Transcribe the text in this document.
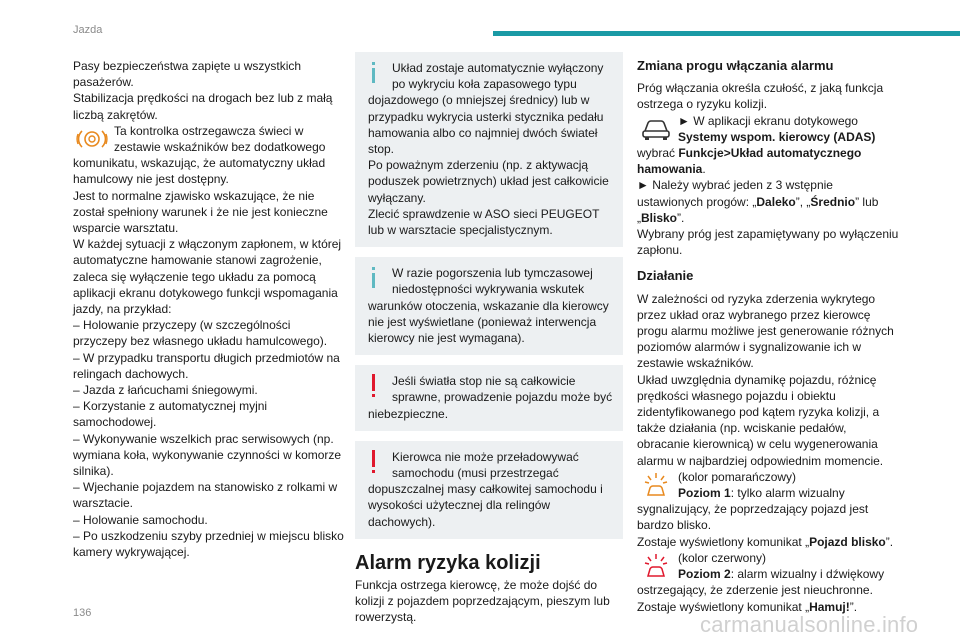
Jazda

Pasy bezpieczeństwa zapięte u wszystkich pasażerów.

Stabilizacja prędkości na drogach bez lub z małą liczbą zakrętów.

Ta kontrolka ostrzegawcza świeci w zestawie wskaźników bez dodatkowego komunikatu, wskazując, że automatyczny układ hamulcowy nie jest dostępny.

Jest to normalne zjawisko wskazujące, że nie został spełniony warunek i że nie jest konieczne wsparcie warsztatu.

W każdej sytuacji z włączonym zapłonem, w której automatyczne hamowanie stanowi zagrożenie, zaleca się wyłączenie tego układu za pomocą aplikacji ekranu dotykowego funkcji wspomagania jazdy, na przykład:

– Holowanie przyczepy (w szczególności przyczepy bez własnego układu hamulcowego).

– W przypadku transportu długich przedmiotów na relingach dachowych.

– Jazda z łańcuchami śniegowymi.

– Korzystanie z automatycznej myjni samochodowej.

– Wykonywanie wszelkich prac serwisowych (np. wymiana koła, wykonywanie czynności w komorze silnika).

– Wjechanie pojazdem na stanowisko z rolkami w warsztacie.

– Holowanie samochodu.

– Po uszkodzeniu szyby przedniej w miejscu blisko kamery wykrywającej.

Układ zostaje automatycznie wyłączony po wykryciu koła zapasowego typu dojazdowego (o mniejszej średnicy) lub w przypadku wykrycia usterki stycznika pedału hamowania albo co najmniej dwóch świateł stop.

Po poważnym zderzeniu (np. z aktywacją poduszek powietrznych) układ jest całkowicie wyłączany.

Zlecić sprawdzenie w ASO sieci PEUGEOT lub w warsztacie specjalistycznym.

W razie pogorszenia lub tymczasowej niedostępności wykrywania wskutek warunków otoczenia, wskazanie dla kierowcy nie jest wyświetlane (ponieważ interwencja kierowcy nie jest wymagana).

Jeśli światła stop nie są całkowicie sprawne, prowadzenie pojazdu może być niebezpieczne.

Kierowca nie może przeładowywać samochodu (musi przestrzegać dopuszczalnej masy całkowitej samochodu i wysokości użytecznej dla relingów dachowych).

Alarm ryzyka kolizji

Funkcja ostrzega kierowcę, że może dojść do kolizji z pojazdem poprzedzającym, pieszym lub rowerzystą.

Zmiana progu włączania alarmu

Próg włączania określa czułość, z jaką funkcja ostrzega o ryzyku kolizji.

► W aplikacji ekranu dotykowego Systemy wspom. kierowcy (ADAS) wybrać Funkcje>Układ automatycznego hamowania.

► Należy wybrać jeden z 3 wstępnie ustawionych progów: „Daleko”, „Średnio” lub „Blisko”.

Wybrany próg jest zapamiętywany po wyłączeniu zapłonu.

Działanie

W zależności od ryzyka zderzenia wykrytego przez układ oraz wybranego przez kierowcę progu alarmu możliwe jest generowanie różnych poziomów alarmów i sygnalizowanie ich w zestawie wskaźników.

Układ uwzględnia dynamikę pojazdu, różnicę prędkości własnego pojazdu i obiektu zidentyfikowanego pod kątem ryzyka kolizji, a także działania (np. wciskanie pedałów, obracanie kierownicą) w celu wygenerowania alarmu w najbardziej odpowiednim momencie.

(kolor pomarańczowy)
Poziom 1: tylko alarm wizualny sygnalizujący, że poprzedzający pojazd jest bardzo blisko.

Zostaje wyświetlony komunikat „Pojazd blisko”.

(kolor czerwony)
Poziom 2: alarm wizualny i dźwiękowy ostrzegający, że zderzenie jest nieuchronne.

Zostaje wyświetlony komunikat „Hamuj!”.

136	carmanualsonline.info
